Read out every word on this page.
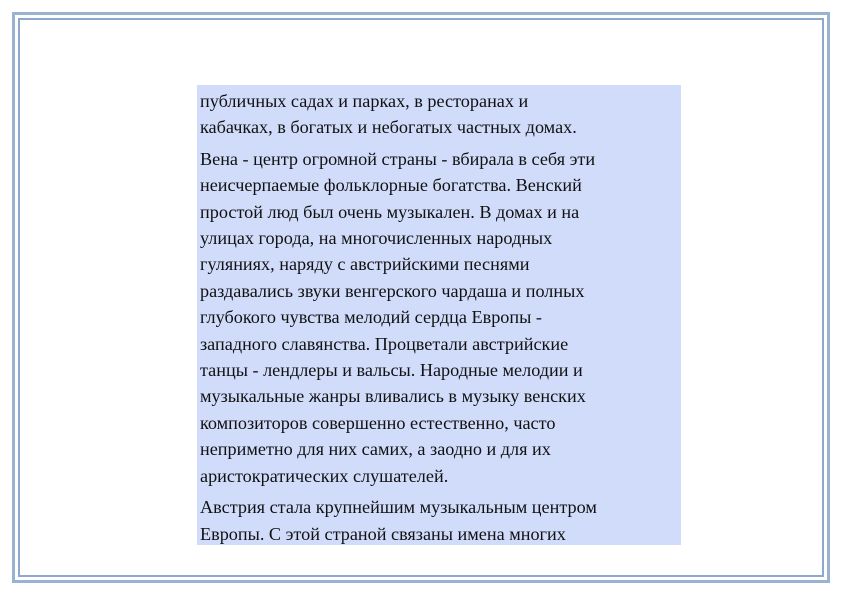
публичных садах и парках, в ресторанах и
кабачках, в богатых и небогатых частных домах.

Вена - центр огромной страны - вбирала в себя эти
неисчерпаемые фольклорные богатства. Венский
простой люд был очень музыкален. В домах и на
улицах города, на многочисленных народных
гуляниях, наряду с австрийскими песнями
раздавались звуки венгерского чардаша и полных
глубокого чувства мелодий сердца Европы -
западного славянства. Процветали австрийские
танцы - лендлеры и вальсы. Народные мелодии и
музыкальные жанры вливались в музыку венских
композиторов совершенно естественно, часто
неприметно для них самих, а заодно и для их
аристократических слушателей.

Австрия стала крупнейшим музыкальным центром
Европы. С этой страной связаны имена многих
